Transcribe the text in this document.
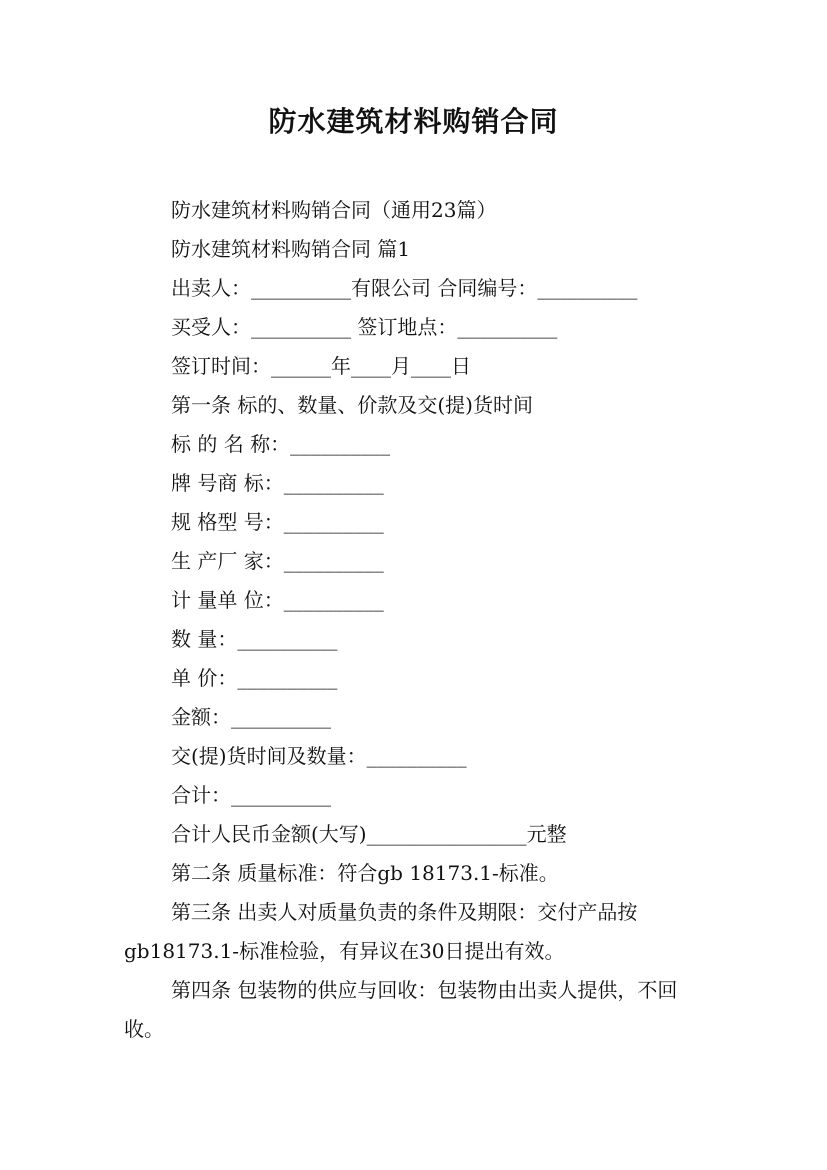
防水建筑材料购销合同
防水建筑材料购销合同（通用23篇）
防水建筑材料购销合同 篇1
出卖人：__________有限公司 合同编号：__________
买受人：__________ 签订地点：__________
签订时间：______年____月____日
第一条 标的、数量、价款及交(提)货时间
标 的 名 称：__________
牌 号商 标：__________
规 格型 号：__________
生 产厂 家：__________
计 量单 位：__________
数 量：__________
单 价：__________
金额：__________
交(提)货时间及数量：__________
合计：__________
合计人民币金额(大写)________________元整
第二条 质量标准：符合gb 18173.1-标准。
第三条 出卖人对质量负责的条件及期限：交付产品按gb18173.1-标准检验，有异议在30日提出有效。
第四条 包装物的供应与回收：包装物由出卖人提供，不回收。
